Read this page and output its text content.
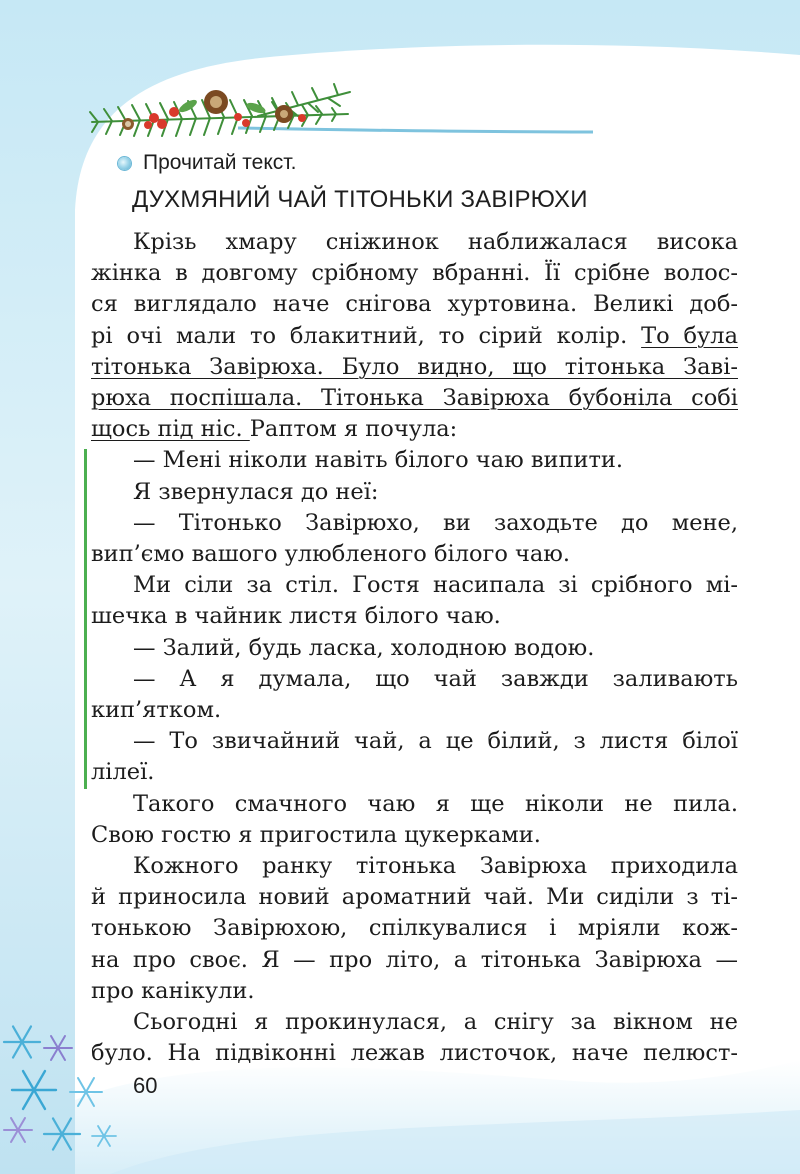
Прочитай текст.
ДУХМЯНИЙ ЧАЙ ТІТОНЬКИ ЗАВІРЮХИ
Крізь хмару сніжинок наближалася висока
жінка в довгому срібному вбранні. Її срібне волос-
ся виглядало наче снігова хуртовина. Великі доб-
рі очі мали то блакитний, то сірий колір. То була
тітонька Завірюха. Було видно, що тітонька Заві-
рюха поспішала. Тітонька Завірюха бубоніла собі
щось під ніс. Раптом я почула:
— Мені ніколи навіть білого чаю випити.
Я звернулася до неї:
— Тітонько Завірюхо, ви заходьте до мене,
вип’ємо вашого улюбленого білого чаю.
Ми сіли за стіл. Гостя насипала зі срібного мі-
шечка в чайник листя білого чаю.
— Залий, будь ласка, холодною водою.
— А я думала, що чай завжди заливають
кип’ятком.
— То звичайний чай, а це білий, з листя білої
лілеї.
Такого смачного чаю я ще ніколи не пила.
Свою гостю я пригостила цукерками.
Кожного ранку тітонька Завірюха приходила
й приносила новий ароматний чай. Ми сиділи з ті-
тонькою Завірюхою, спілкувалися і мріяли кож-
на про своє. Я — про літо, а тітонька Завірюха —
про канікули.
Сьогодні я прокинулася, а снігу за вікном не
було. На підвіконні лежав листочок, наче пелюст-
60
